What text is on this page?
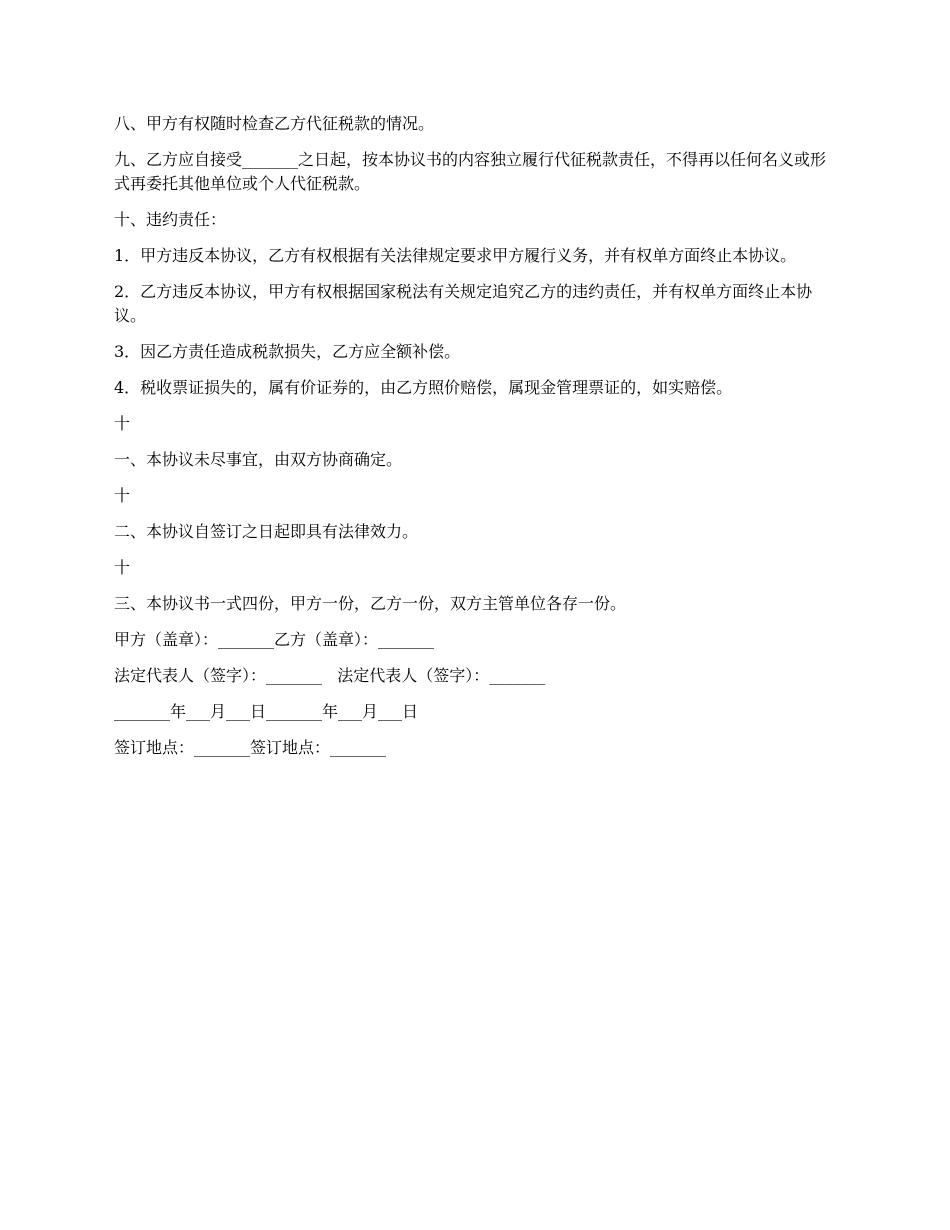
八、甲方有权随时检查乙方代征税款的情况。

九、乙方应自接受_______之日起，按本协议书的内容独立履行代征税款责任，不得再以任何名义或形式再委托其他单位或个人代征税款。

十、违约责任：

1．甲方违反本协议，乙方有权根据有关法律规定要求甲方履行义务，并有权单方面终止本协议。

2．乙方违反本协议，甲方有权根据国家税法有关规定追究乙方的违约责任，并有权单方面终止本协议。

3．因乙方责任造成税款损失，乙方应全额补偿。

4．税收票证损失的，属有价证券的，由乙方照价赔偿，属现金管理票证的，如实赔偿。

十

一、本协议未尽事宜，由双方协商确定。

十

二、本协议自签订之日起即具有法律效力。

十

三、本协议书一式四份，甲方一份，乙方一份，双方主管单位各存一份。

甲方（盖章）：_______乙方（盖章）：_______

法定代表人（签字）：_______   法定代表人（签字）：_______

_______年___月___日_______年___月___日

签订地点：_______签订地点：_______
